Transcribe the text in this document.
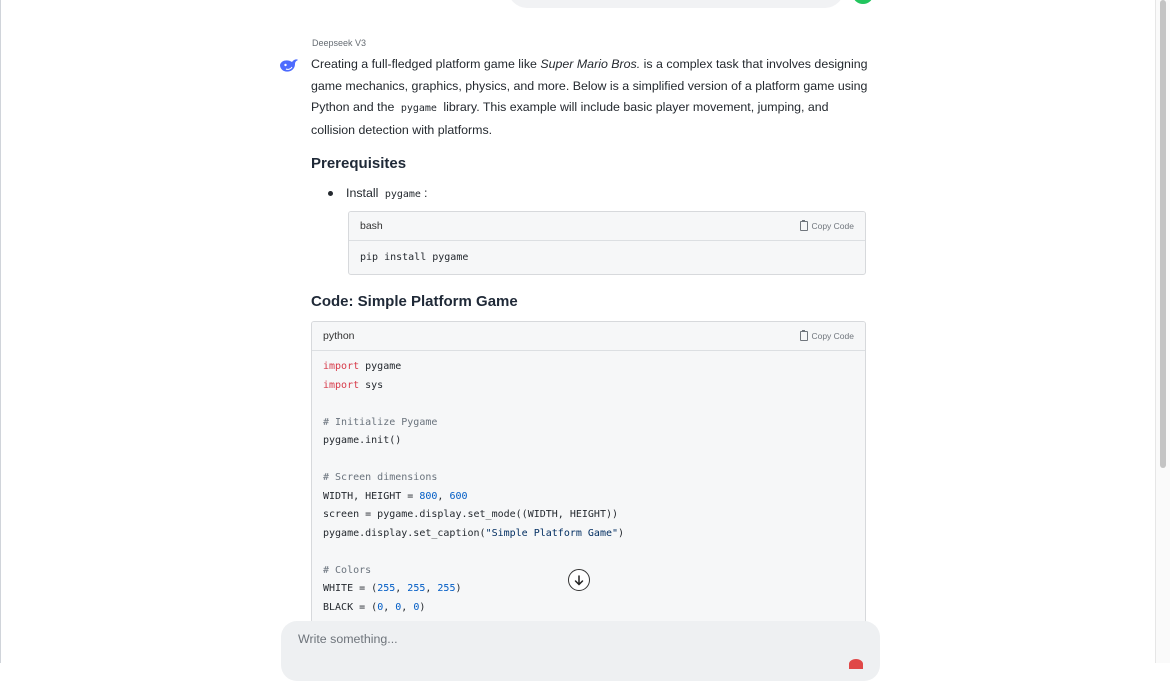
Deepseek V3

Creating a full-fledged platform game like Super Mario Bros. is a complex task that involves designing game mechanics, graphics, physics, and more. Below is a simplified version of a platform game using Python and the pygame library. This example will include basic player movement, jumping, and collision detection with platforms.

Prerequisites
Install pygame :
bash	Copy Code
pip install pygame
Code: Simple Platform Game
python	Copy Code
import pygame
import sys

# Initialize Pygame
pygame.init()

# Screen dimensions
WIDTH, HEIGHT = 800, 600
screen = pygame.display.set_mode((WIDTH, HEIGHT))
pygame.display.set_caption("Simple Platform Game")

# Colors
WHITE = (255, 255, 255)
BLACK = (0, 0, 0)
Write something...
